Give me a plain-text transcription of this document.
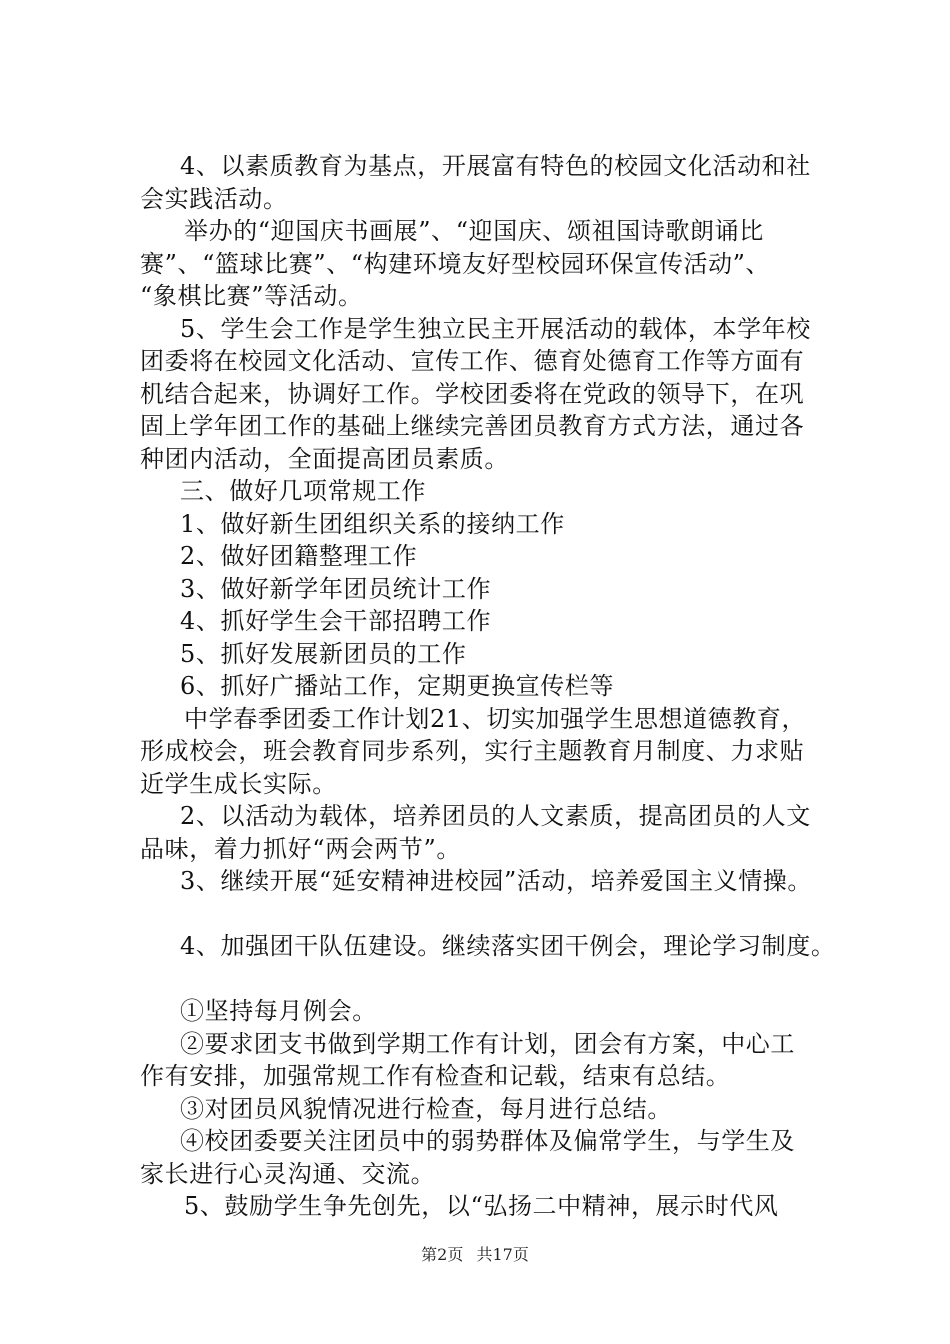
4、以素质教育为基点，开展富有特色的校园文化活动和社
会实践活动。
举办的“迎国庆书画展”、“迎国庆、颂祖国诗歌朗诵比
赛”、“篮球比赛”、“构建环境友好型校园环保宣传活动”、
“象棋比赛”等活动。
5、学生会工作是学生独立民主开展活动的载体，本学年校
团委将在校园文化活动、宣传工作、德育处德育工作等方面有
机结合起来，协调好工作。学校团委将在党政的领导下，在巩
固上学年团工作的基础上继续完善团员教育方式方法，通过各
种团内活动，全面提高团员素质。
三、做好几项常规工作
1、做好新生团组织关系的接纳工作
2、做好团籍整理工作
3、做好新学年团员统计工作
4、抓好学生会干部招聘工作
5、抓好发展新团员的工作
6、抓好广播站工作，定期更换宣传栏等
中学春季团委工作计划21、切实加强学生思想道德教育，
形成校会，班会教育同步系列，实行主题教育月制度、力求贴
近学生成长实际。
2、以活动为载体，培养团员的人文素质，提高团员的人文
品味，着力抓好“两会两节”。
3、继续开展“延安精神进校园”活动，培养爱国主义情操。
4、加强团干队伍建设。继续落实团干例会，理论学习制度。
①坚持每月例会。
②要求团支书做到学期工作有计划，团会有方案，中心工
作有安排，加强常规工作有检查和记载，结束有总结。
③对团员风貌情况进行检查，每月进行总结。
④校团委要关注团员中的弱势群体及偏常学生，与学生及
家长进行心灵沟通、交流。
5、鼓励学生争先创先，以“弘扬二中精神，展示时代风
第2页 共17页
